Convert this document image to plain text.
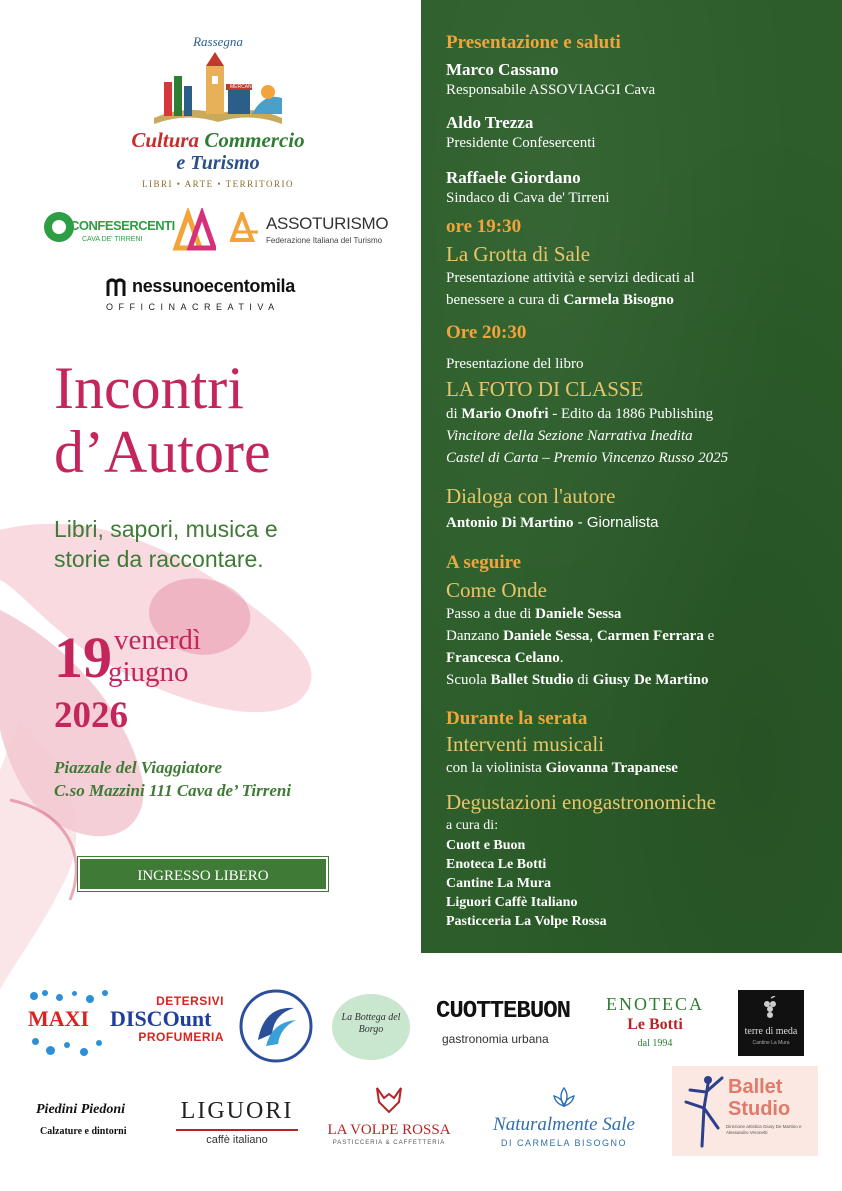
Rassegna
MERCANTI
Cultura Commercio
e Turismo
LIBRI • ARTE • TERRITORIO
CONFESERCENTI
CAVA DE' TIRRENI
ASSOTURISMO
Federazione Italiana del Turismo
nessunoecentomila
OFFICINACREATIVA
Incontri
d’Autore
Libri, sapori, musica e
storie da raccontare.
19 venerdì
giugno
2026
Piazzale del Viaggiatore
C.so Mazzini 111 Cava de’ Tirreni
INGRESSO LIBERO
Presentazione e saluti
Marco Cassano
Responsabile ASSOVIAGGI Cava
Aldo Trezza
Presidente Confesercenti
Raffaele Giordano
Sindaco di Cava de' Tirreni
ore 19:30
La Grotta di Sale
Presentazione attività e servizi dedicati al
benessere a cura di Carmela Bisogno
Ore 20:30
Presentazione del libro
LA FOTO DI CLASSE
di Mario Onofri - Edito da 1886 Publishing
Vincitore della Sezione Narrativa Inedita
Castel di Carta – Premio Vincenzo Russo 2025
Dialoga con l'autore
Antonio Di Martino - Giornalista
A seguire
Come Onde
Passo a due di Daniele Sessa
Danzano Daniele Sessa, Carmen Ferrara e
Francesca Celano.
Scuola Ballet Studio di Giusy De Martino
Durante la serata
Interventi musicali
con la violinista Giovanna Trapanese
Degustazioni enogastronomiche
a cura di:
Cuott e Buon
Enoteca Le Botti
Cantine La Mura
Liguori Caffè Italiano
Pasticceria La Volpe Rossa
DETERSIVI
MAXI DISCOunt
PROFUMERIA
La Bottega del Borgo
CUOTTEBUON
gastronomia urbana
ENOTECA
Le Botti
dal 1994
terre di meda
Cantine La Mura
Piedini Piedoni
Calzature e dintorni
LIGUORI
caffè italiano
LA VOLPE ROSSA
PASTICCERIA & CAFFETTERIA
Naturalmente Sale
DI CARMELA BISOGNO
Ballet
Studio
Direzione artistica Giusy De Martino e Alessandro Veronetti
